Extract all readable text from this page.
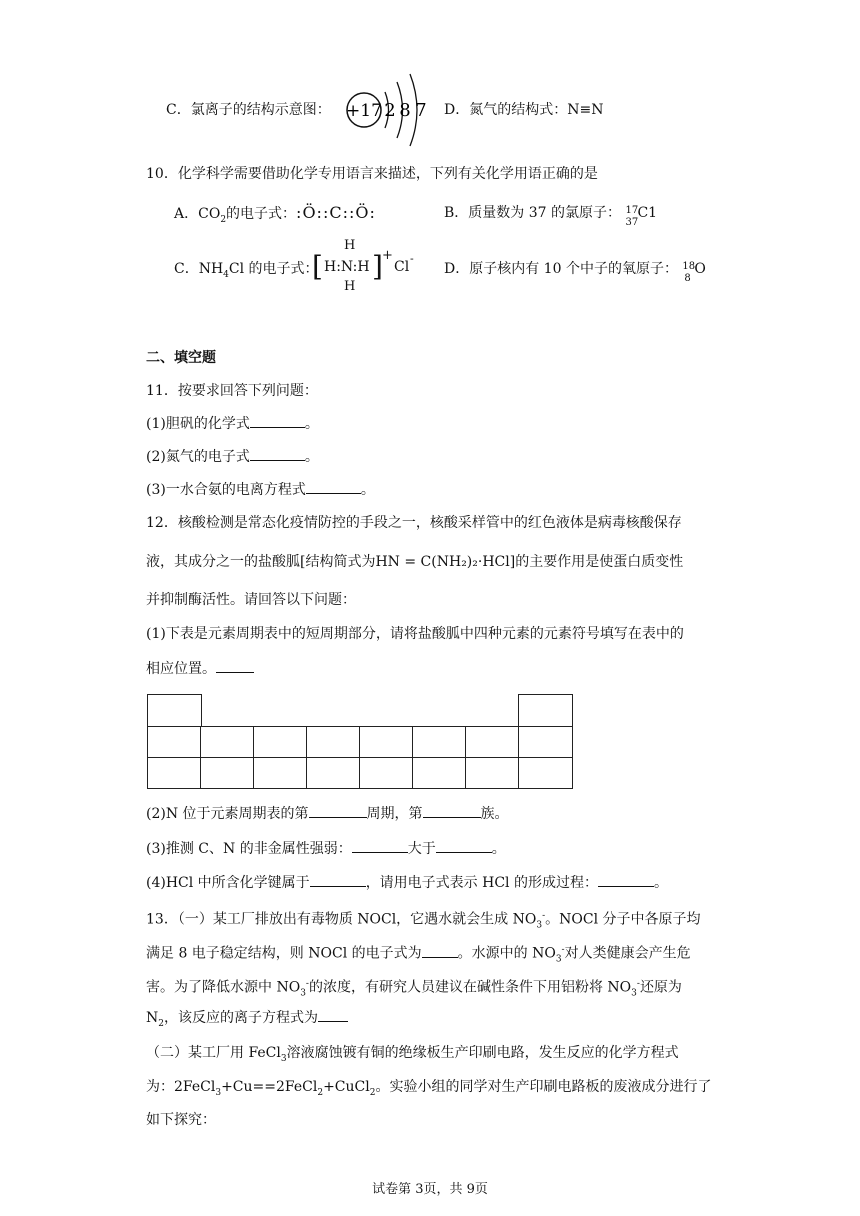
C．氯离子的结构示意图： +17 2 8 7 D．氮气的结构式：N≡N
10．化学科学需要借助化学专用语言来描述，下列有关化学用语正确的是
A．$CO_2$的电子式：:Ö::C::Ö:	B．质量数为 37 的氯原子： 17
37
C1
C．$NH_4Cl$ 的电子式：
H
[ H:N:H ] +
Cl
-
H
D．原子核内有 10 个中子的氧原子： 18
8
O
二、填空题
11．按要求回答下列问题：
(1)胆矾的化学式	。
(2)氮气的电子式	。
(3)一水合氨的电离方程式	。
12．核酸检测是常态化疫情防控的手段之一，核酸采样管中的红色液体是病毒核酸保存
液，其成分之一的盐酸胍[结构简式为HN = C(NH₂)₂·HCl]的主要作用是使蛋白质变性
并抑制酶活性。请回答以下问题：
(1)下表是元素周期表中的短周期部分，请将盐酸胍中四种元素的元素符号填写在表中的
相应位置。
(2)N 位于元素周期表的第	周期，第	族。
(3)推测 C、N 的非金属性强弱：	大于	。
(4)HCl 中所含化学键属于	，请用电子式表示 HCl 的形成过程：	。
13．（一）某工厂排放出有毒物质 NOCl，它遇水就会生成 $NO_3^-$。NOCl 分子中各原子均
满足 8 电子稳定结构，则 NOCl 的电子式为	。水源中的 $NO_3^-$对人类健康会产生危
害。为了降低水源中 $NO_3^-$的浓度，有研究人员建议在碱性条件下用铝粉将 $NO_3^-$还原为
$N_2$，该反应的离子方程式为
（二）某工厂用 FeCl$_3$溶液腐蚀镀有铜的绝缘板生产印刷电路，发生反应的化学方程式
为：2FeCl$_3$+Cu==2FeCl$_2$+CuCl$_2$。实验小组的同学对生产印刷电路板的废液成分进行了
如下探究：
试卷第 3页，共 9页
